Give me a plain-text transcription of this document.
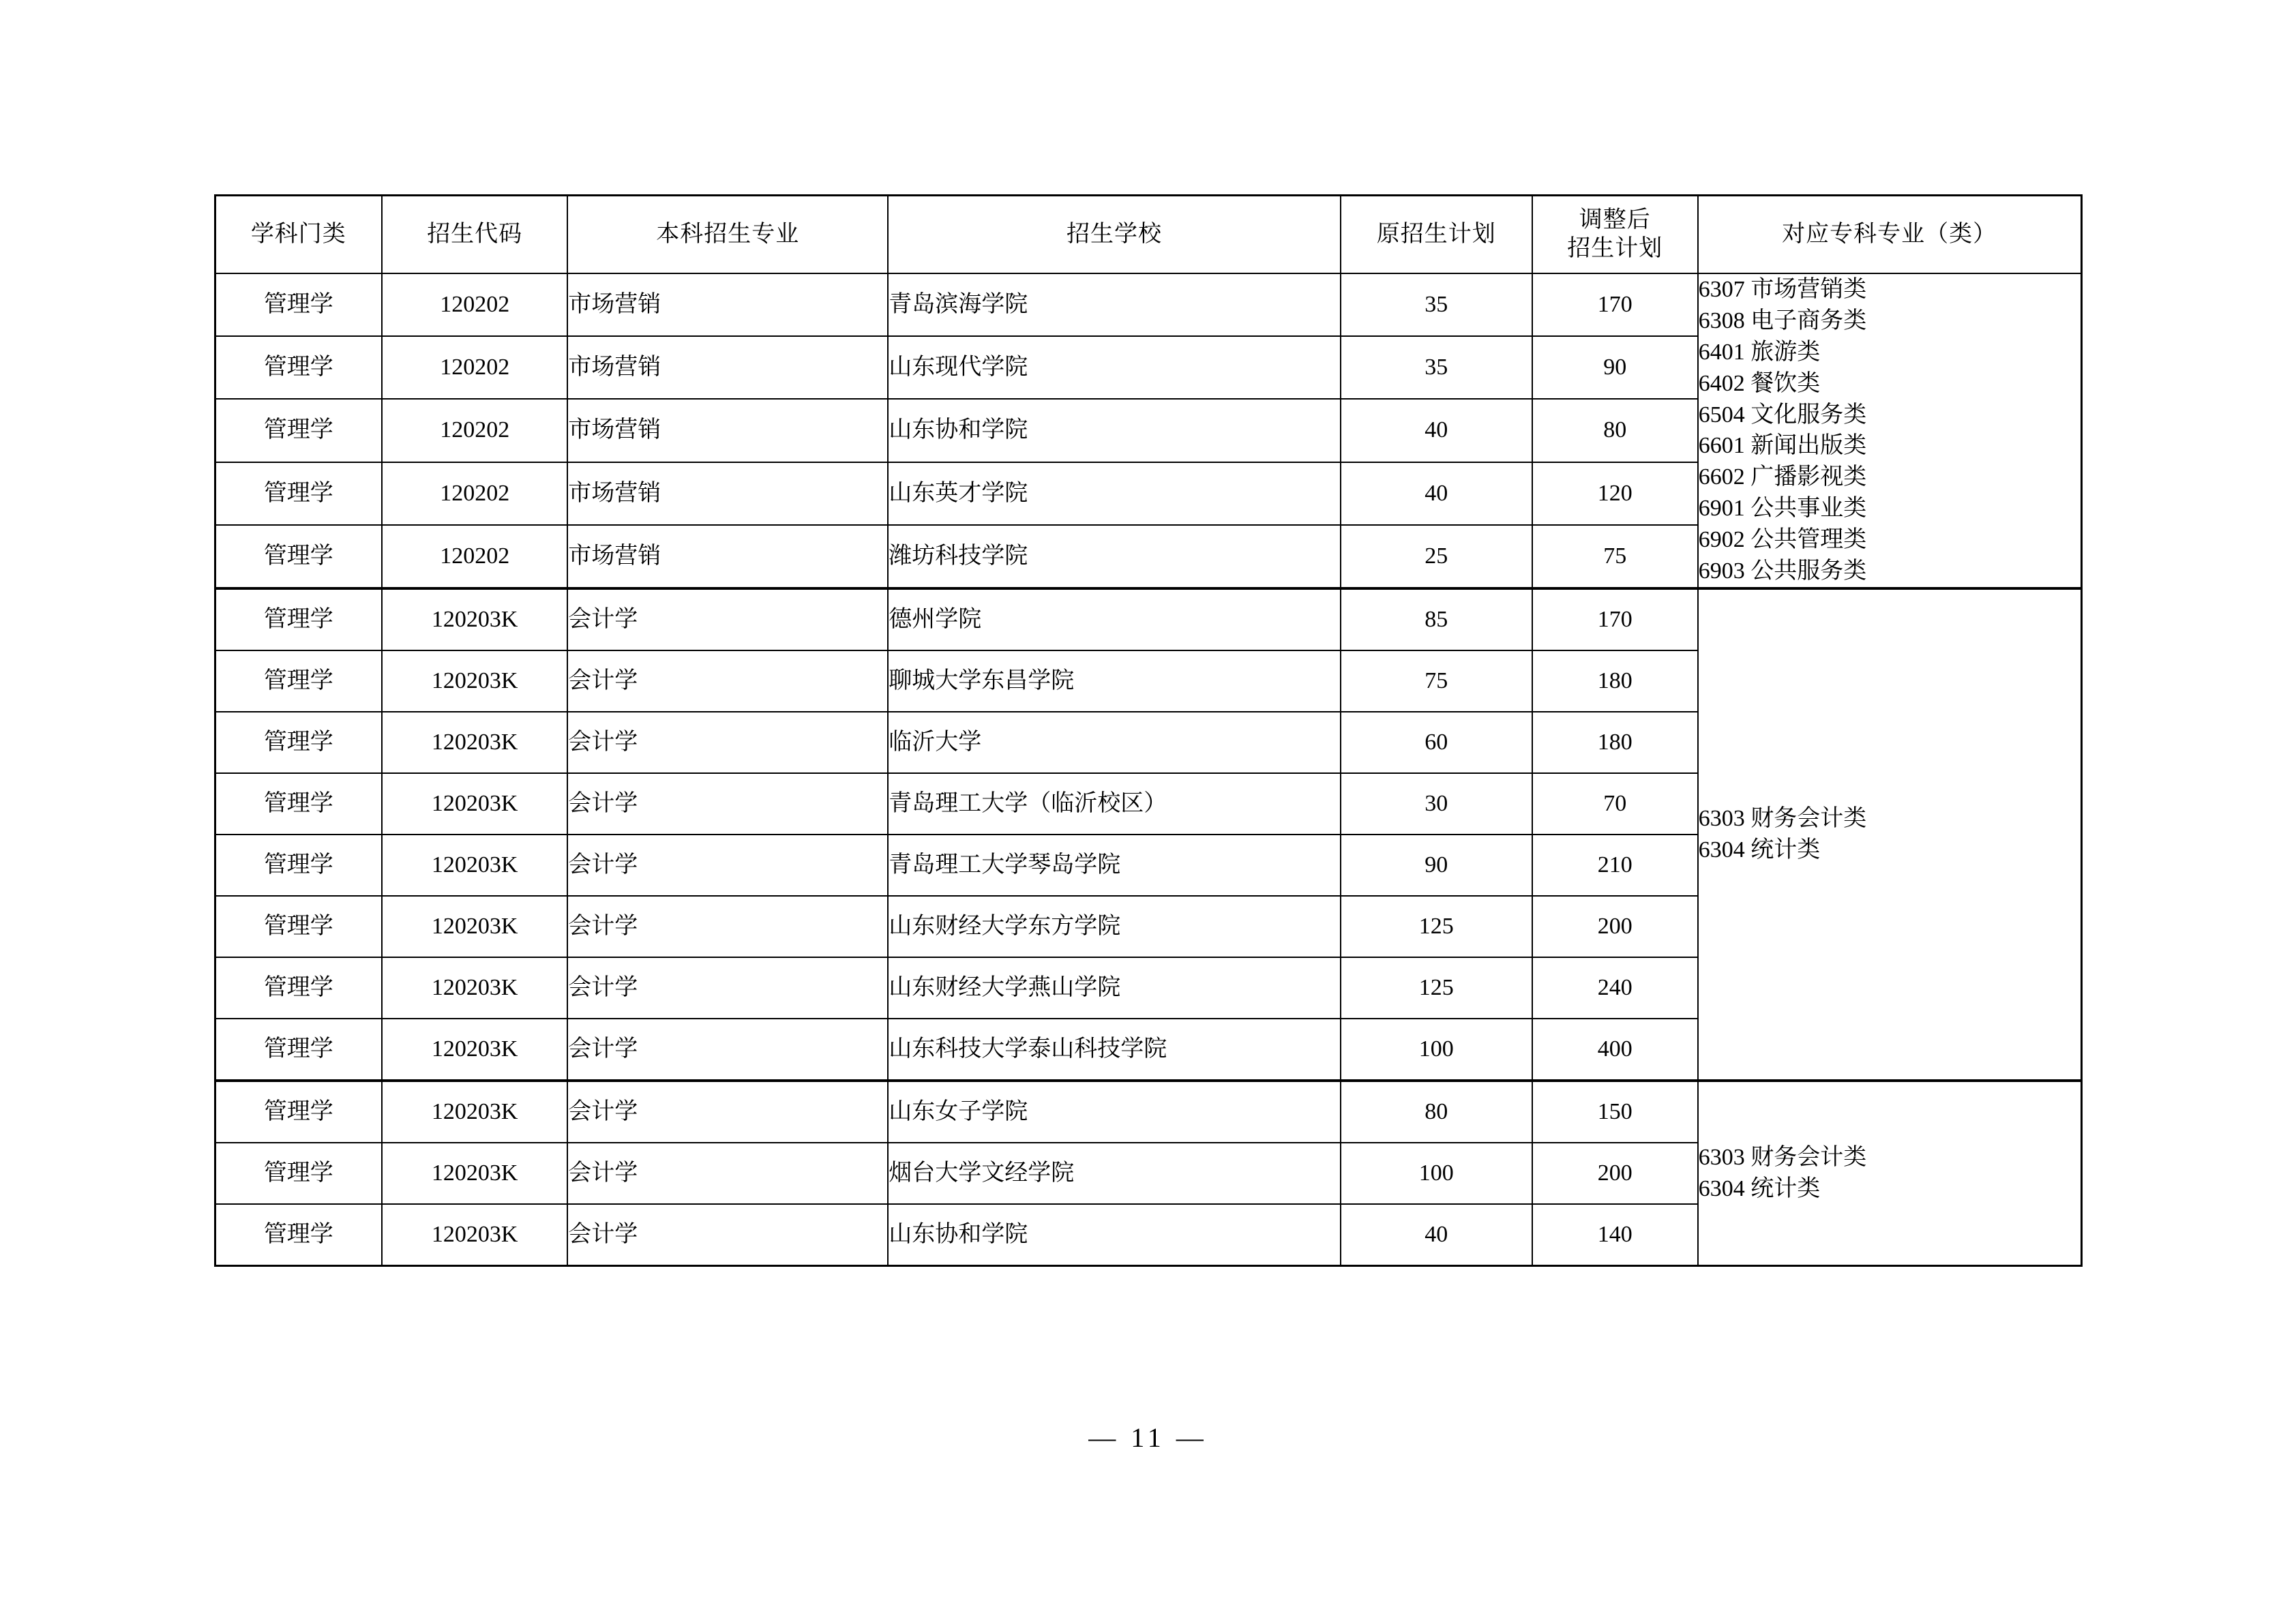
学科门类	招生代码	本科招生专业	招生学校	原招生计划	调整后
招生计划	对应专科专业（类）
管理学	120202	市场营销	青岛滨海学院	35	170	
6307 市场营销类
6308 电子商务类
6401 旅游类
6402 餐饮类
6504 文化服务类
6601 新闻出版类
6602 广播影视类
6901 公共事业类
6902 公共管理类
6903 公共服务类

管理学	120202	市场营销	山东现代学院	35	90	
管理学	120202	市场营销	山东协和学院	40	80	
管理学	120202	市场营销	山东英才学院	40	120	
管理学	120202	市场营销	潍坊科技学院	25	75	
管理学	120203K	会计学	德州学院	85	170	6303 财务会计类
6304 统计类

管理学	120203K	会计学	聊城大学东昌学院	75	180	
管理学	120203K	会计学	临沂大学	60	180	
管理学	120203K	会计学	青岛理工大学（临沂校区）	30	70	
管理学	120203K	会计学	青岛理工大学琴岛学院	90	210	
管理学	120203K	会计学	山东财经大学东方学院	125	200	
管理学	120203K	会计学	山东财经大学燕山学院	125	240	
管理学	120203K	会计学	山东科技大学泰山科技学院	100	400	
管理学	120203K	会计学	山东女子学院	80	150	6303 财务会计类
6304 统计类

管理学	120203K	会计学	烟台大学文经学院	100	200	
管理学	120203K	会计学	山东协和学院	40	140	
— 11 —
